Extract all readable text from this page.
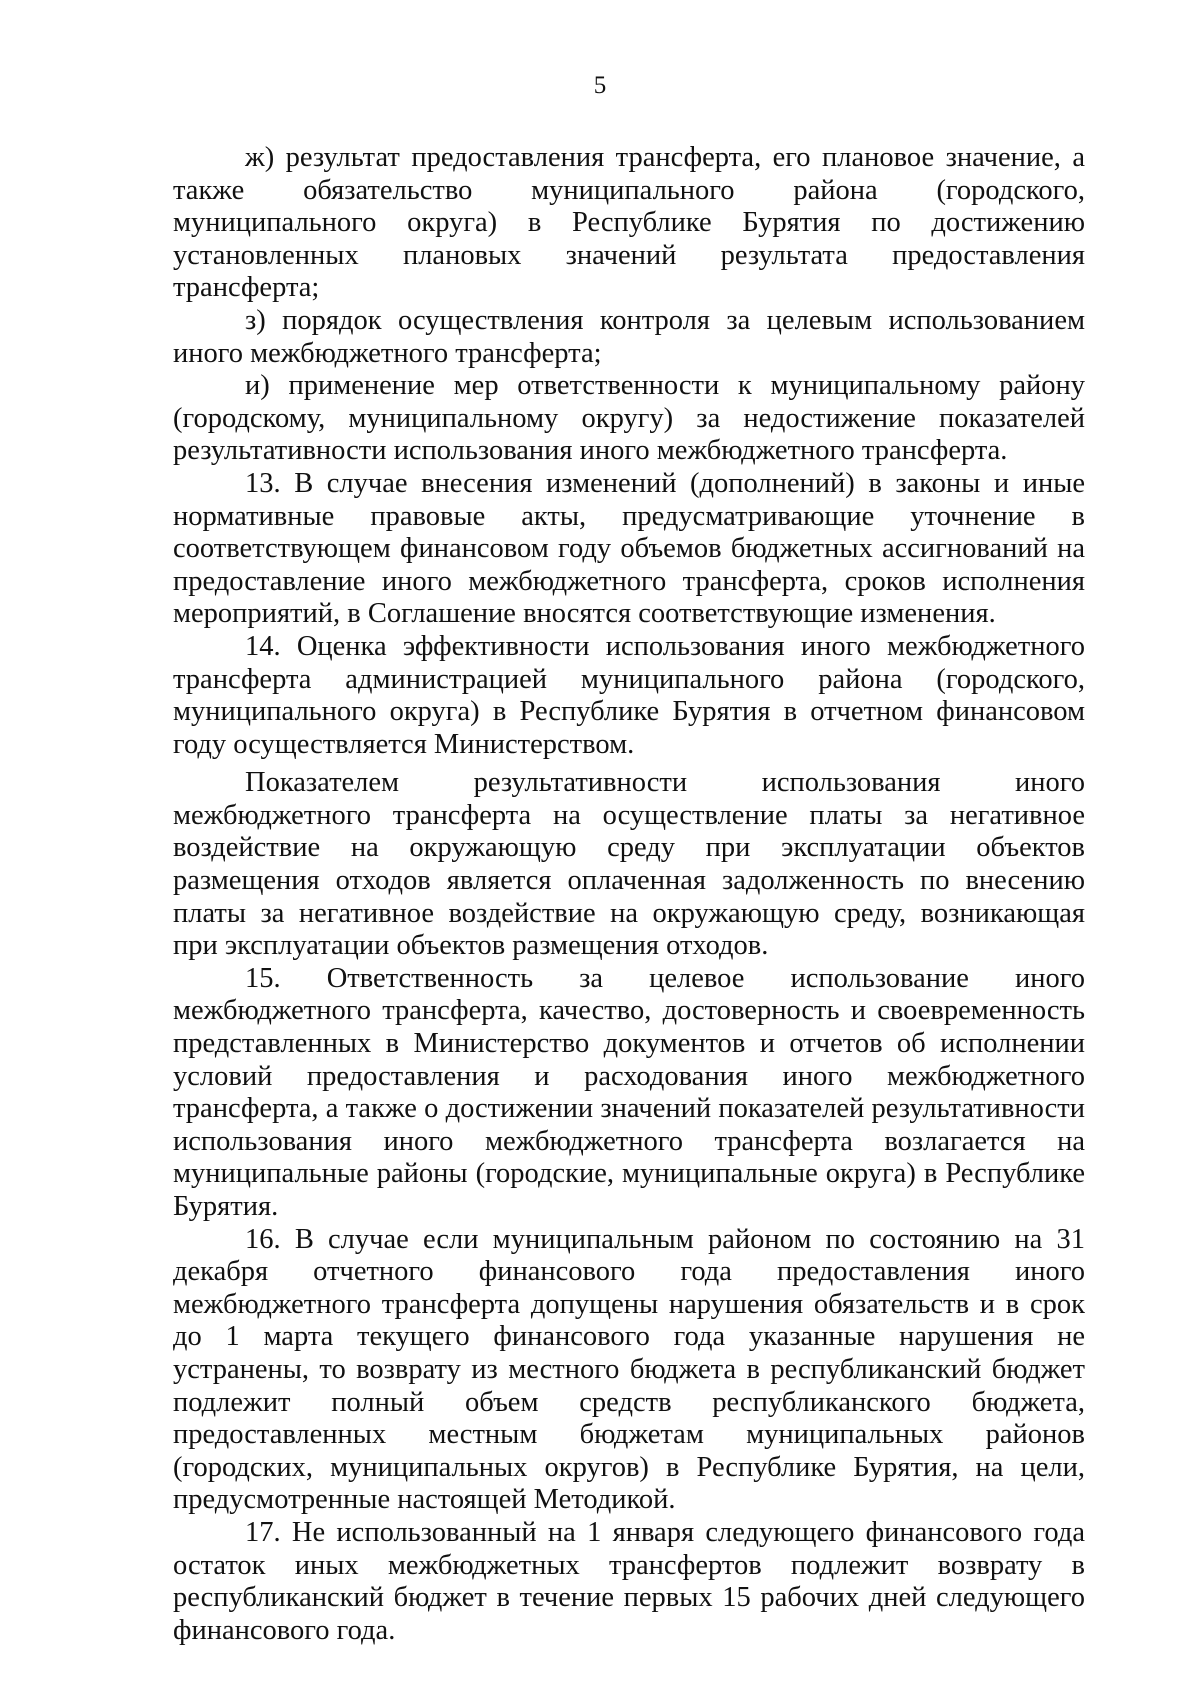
5

ж) результат предоставления трансферта, его плановое значение, а также обязательство муниципального района (городского, муниципального округа) в Республике Бурятия по достижению установленных плановых значений результата предоставления трансферта;

з) порядок осуществления контроля за целевым использованием иного межбюджетного трансферта;

и) применение мер ответственности к муниципальному району (городскому, муниципальному округу) за недостижение показателей результативности использования иного межбюджетного трансферта.

13. В случае внесения изменений (дополнений) в законы и иные нормативные правовые акты, предусматривающие уточнение в соответствующем финансовом году объемов бюджетных ассигнований на предоставление иного межбюджетного трансферта, сроков исполнения мероприятий, в Соглашение вносятся соответствующие изменения.

14. Оценка эффективности использования иного межбюджетного трансферта администрацией муниципального района (городского, муниципального округа) в Республике Бурятия в отчетном финансовом году осуществляется Министерством.

Показателем результативности использования иного межбюджетного трансферта на осуществление платы за негативное воздействие на окружающую среду при эксплуатации объектов размещения отходов является оплаченная задолженность по внесению платы за негативное воздействие на окружающую среду, возникающая при эксплуатации объектов размещения отходов.

15. Ответственность за целевое использование иного межбюджетного трансферта, качество, достоверность и своевременность представленных в Министерство документов и отчетов об исполнении условий предоставления и расходования иного межбюджетного трансферта, а также о достижении значений показателей результативности использования иного межбюджетного трансферта возлагается на муниципальные районы (городские, муниципальные округа) в Республике Бурятия.

16. В случае если муниципальным районом по состоянию на 31 декабря отчетного финансового года предоставления иного межбюджетного трансферта допущены нарушения обязательств и в срок до 1 марта текущего финансового года указанные нарушения не устранены, то возврату из местного бюджета в республиканский бюджет подлежит полный объем средств республиканского бюджета, предоставленных местным бюджетам муниципальных районов (городских, муниципальных округов) в Республике Бурятия, на цели, предусмотренные настоящей Методикой.

17. Не использованный на 1 января следующего финансового года остаток иных межбюджетных трансфертов подлежит возврату в республиканский бюджет в течение первых 15 рабочих дней следующего финансового года.
